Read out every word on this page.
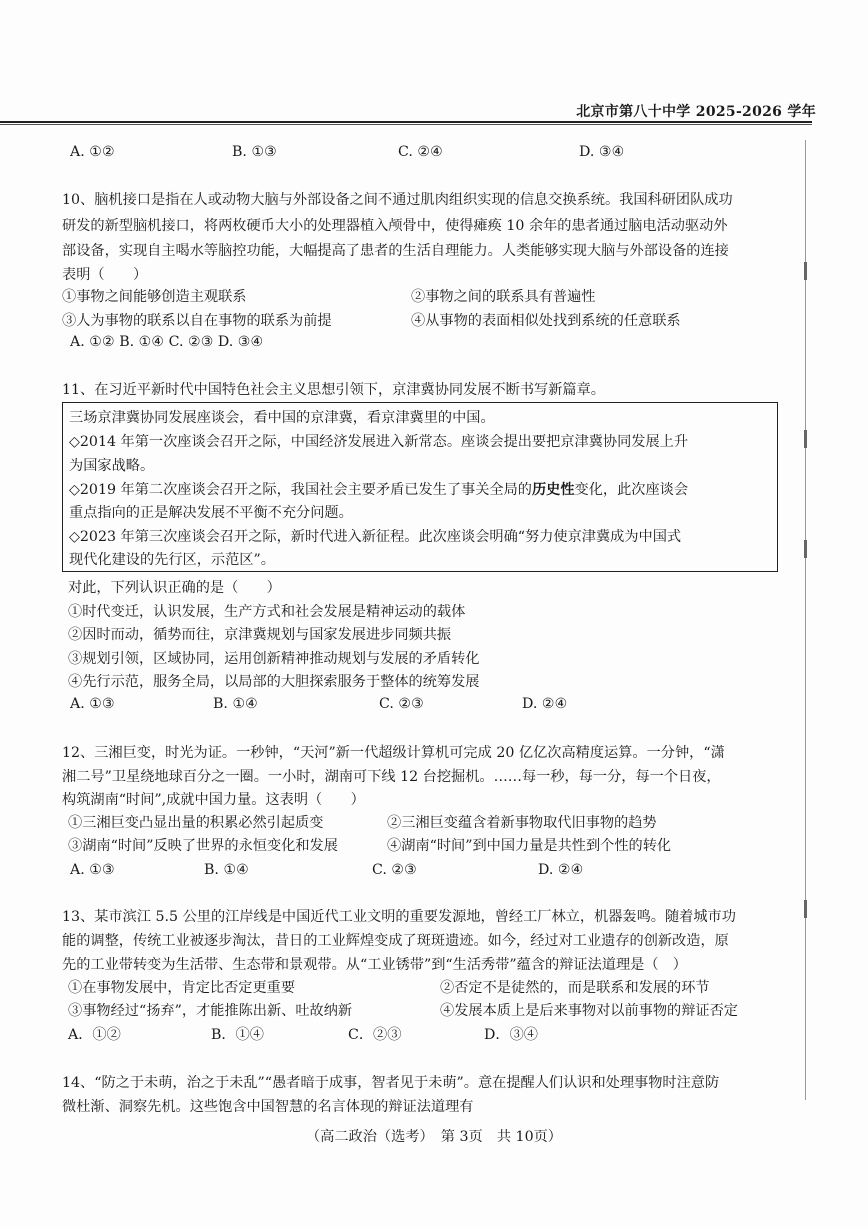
北京市第八十中学 2025-2026 学年
A. ①②	B. ①③	C. ②④	D. ③④
10、脑机接口是指在人或动物大脑与外部设备之间不通过肌肉组织实现的信息交换系统。我国科研团队成功
研发的新型脑机接口，将两枚硬币大小的处理器植入颅骨中，使得瘫痪 10 余年的患者通过脑电活动驱动外
部设备，实现自主喝水等脑控功能，大幅提高了患者的生活自理能力。人类能够实现大脑与外部设备的连接
表明（　　）
①事物之间能够创造主观联系	②事物之间的联系具有普遍性
③人为事物的联系以自在事物的联系为前提	④从事物的表面相似处找到系统的任意联系
A. ①② B. ①④ C. ②③ D. ③④
11、在习近平新时代中国特色社会主义思想引领下，京津冀协同发展不断书写新篇章。
三场京津冀协同发展座谈会，看中国的京津冀，看京津冀里的中国。
◇2014 年第一次座谈会召开之际，中国经济发展进入新常态。座谈会提出要把京津冀协同发展上升
为国家战略。
◇2019 年第二次座谈会召开之际，我国社会主要矛盾已发生了事关全局的历史性变化，此次座谈会
重点指向的正是解决发展不平衡不充分问题。
◇2023 年第三次座谈会召开之际，新时代进入新征程。此次座谈会明确“努力使京津冀成为中国式
现代化建设的先行区，示范区”。
对此，下列认识正确的是（　　）
①时代变迁，认识发展，生产方式和社会发展是精神运动的载体
②因时而动，循势而往，京津冀规划与国家发展进步同频共振
③规划引领，区域协同，运用创新精神推动规划与发展的矛盾转化
④先行示范，服务全局，以局部的大胆探索服务于整体的统筹发展
A. ①③	B. ①④	C. ②③	D. ②④
12、三湘巨变，时光为证。一秒钟，“天河”新一代超级计算机可完成 20 亿亿次高精度运算。一分钟，“潇
湘二号”卫星绕地球百分之一圈。一小时，湖南可下线 12 台挖掘机。……每一秒，每一分，每一个日夜，
构筑湖南“时间”,成就中国力量。这表明（　　）
①三湘巨变凸显出量的积累必然引起质变	②三湘巨变蕴含着新事物取代旧事物的趋势
③湖南“时间”反映了世界的永恒变化和发展	④湖南“时间”到中国力量是共性到个性的转化
A. ①③	B. ①④	C. ②③	D. ②④
13、某市滨江 5.5 公里的江岸线是中国近代工业文明的重要发源地，曾经工厂林立，机器轰鸣。随着城市功
能的调整，传统工业被逐步淘汰，昔日的工业辉煌变成了斑斑遗迹。如今，经过对工业遗存的创新改造，原
先的工业带转变为生活带、生态带和景观带。从“工业锈带”到“生活秀带”蕴含的辩证法道理是（　）
①在事物发展中，肯定比否定更重要	②否定不是徒然的，而是联系和发展的环节
③事物经过“扬弃”，才能推陈出新、吐故纳新	④发展本质上是后来事物对以前事物的辩证否定
A．①②	B．①④	C．②③	D．③④
14、“防之于未萌，治之于未乱”“愚者暗于成事，智者见于未萌”。意在提醒人们认识和处理事物时注意防
微杜渐、洞察先机。这些饱含中国智慧的名言体现的辩证法道理有
（高二政治（选考）　第 3页　共 10页）
